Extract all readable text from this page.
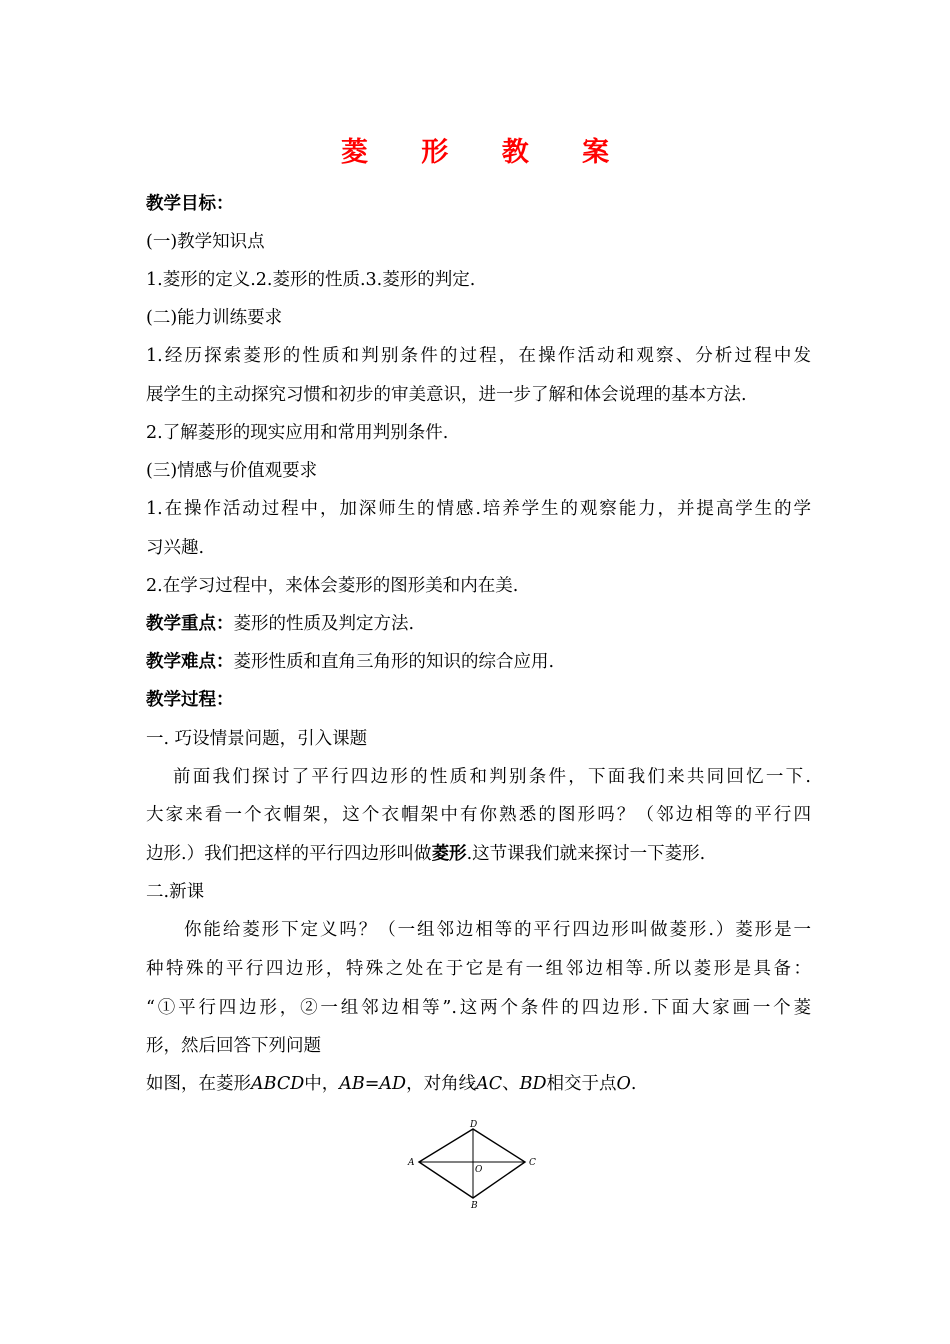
菱 形 教 案
教学目标：
(一)教学知识点
1.菱形的定义.2.菱形的性质.3.菱形的判定.
(二)能力训练要求
1.经历探索菱形的性质和判别条件的过程，在操作活动和观察、分析过程中发
展学生的主动探究习惯和初步的审美意识，进一步了解和体会说理的基本方法.
2.了解菱形的现实应用和常用判别条件.
(三)情感与价值观要求
1.在操作活动过程中，加深师生的情感.培养学生的观察能力，并提高学生的学
习兴趣.
2.在学习过程中，来体会菱形的图形美和内在美.
教学重点：菱形的性质及判定方法.
教学难点：菱形性质和直角三角形的知识的综合应用.
教学过程：
一. 巧设情景问题，引入课题
前面我们探讨了平行四边形的性质和判别条件，下面我们来共同回忆一下.
大家来看一个衣帽架，这个衣帽架中有你熟悉的图形吗？（邻边相等的平行四
边形.）我们把这样的平行四边形叫做菱形.这节课我们就来探讨一下菱形.
二.新课
你能给菱形下定义吗？（一组邻边相等的平行四边形叫做菱形.）菱形是一
种特殊的平行四边形，特殊之处在于它是有一组邻边相等.所以菱形是具备：
“①平行四边形，②一组邻边相等”.这两个条件的四边形.下面大家画一个菱
形，然后回答下列问题
如图，在菱形ABCD中，AB=AD，对角线AC、BD相交于点O.
A
B
C
D
O
